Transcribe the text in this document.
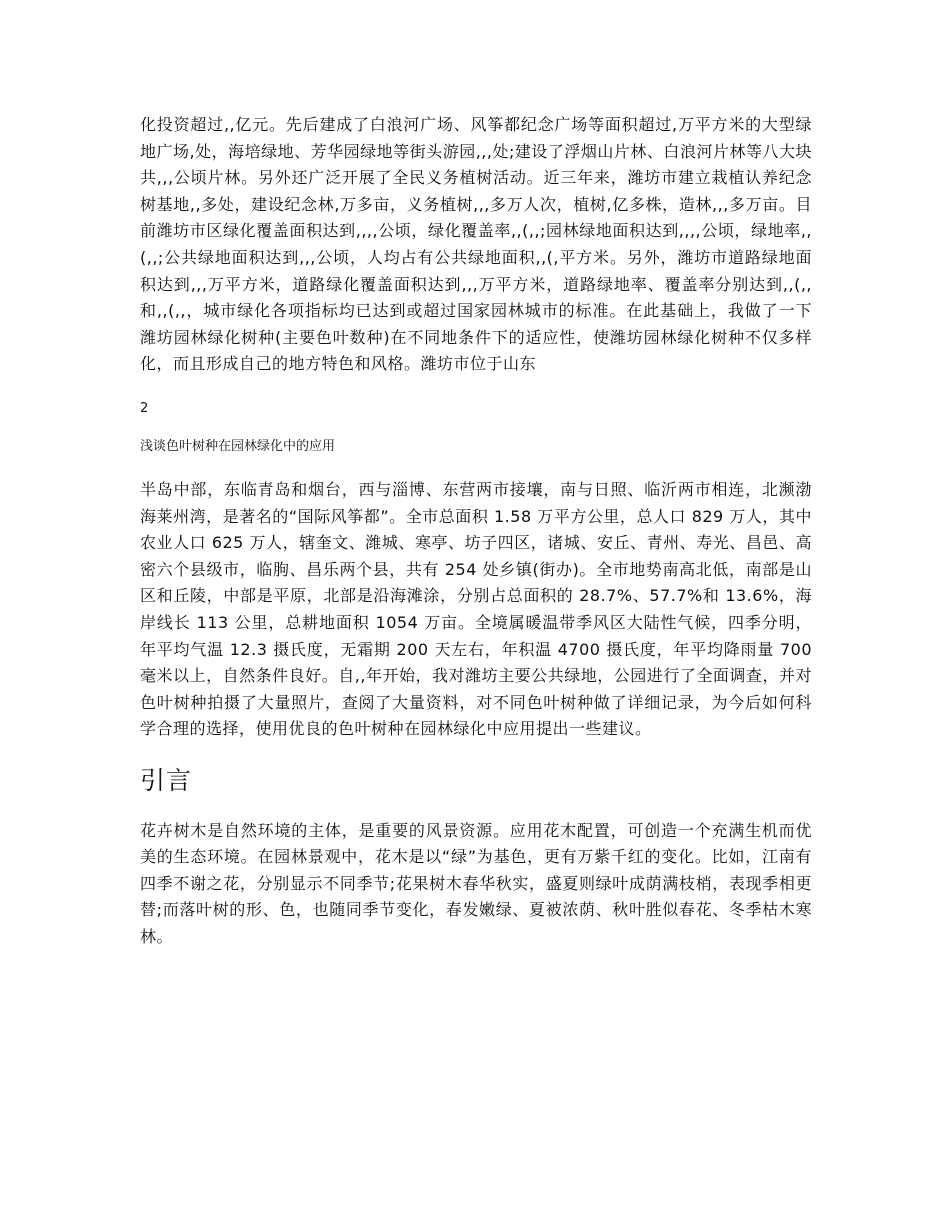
化投资超过,,亿元。先后建成了白浪河广场、风筝都纪念广场等面积超过,万平方米的大型绿地广场,处，海培绿地、芳华园绿地等街头游园,,,处;建设了浮烟山片林、白浪河片林等八大块共,,,公顷片林。另外还广泛开展了全民义务植树活动。近三年来，潍坊市建立栽植认养纪念树基地,,多处，建设纪念林,万多亩，义务植树,,,多万人次，植树,亿多株，造林,,,多万亩。目前潍坊市区绿化覆盖面积达到,,,,公顷，绿化覆盖率,,(,,;园林绿地面积达到,,,,公顷，绿地率,,(,,;公共绿地面积达到,,,公顷，人均占有公共绿地面积,,(,平方米。另外，潍坊市道路绿地面积达到,,,万平方米，道路绿化覆盖面积达到,,,万平方米，道路绿地率、覆盖率分别达到,,(,,和,,(,,，城市绿化各项指标均已达到或超过国家园林城市的标准。在此基础上，我做了一下潍坊园林绿化树种(主要色叶数种)在不同地条件下的适应性，使潍坊园林绿化树种不仅多样化，而且形成自己的地方特色和风格。潍坊市位于山东

2
浅谈色叶树种在园林绿化中的应用

半岛中部，东临青岛和烟台，西与淄博、东营两市接壤，南与日照、临沂两市相连，北濒渤海莱州湾，是著名的“国际风筝都”。全市总面积 1.58 万平方公里，总人口 829 万人，其中农业人口 625 万人，辖奎文、潍城、寒亭、坊子四区，诸城、安丘、青州、寿光、昌邑、高密六个县级市，临朐、昌乐两个县，共有 254 处乡镇(街办)。全市地势南高北低，南部是山区和丘陵，中部是平原，北部是沿海滩涂，分别占总面积的 28.7%、57.7%和 13.6%，海岸线长 113 公里，总耕地面积 1054 万亩。全境属暖温带季风区大陆性气候，四季分明，年平均气温 12.3 摄氏度，无霜期 200 天左右，年积温 4700 摄氏度，年平均降雨量 700 毫米以上，自然条件良好。自,,年开始，我对潍坊主要公共绿地，公园进行了全面调查，并对色叶树种拍摄了大量照片，查阅了大量资料，对不同色叶树种做了详细记录，为今后如何科学合理的选择，使用优良的色叶树种在园林绿化中应用提出一些建议。

引言

花卉树木是自然环境的主体，是重要的风景资源。应用花木配置，可创造一个充满生机而优美的生态环境。在园林景观中，花木是以“绿”为基色，更有万紫千红的变化。比如，江南有四季不谢之花，分别显示不同季节;花果树木春华秋实，盛夏则绿叶成荫满枝梢，表现季相更替;而落叶树的形、色，也随同季节变化，春发嫩绿、夏被浓荫、秋叶胜似春花、冬季枯木寒林。
